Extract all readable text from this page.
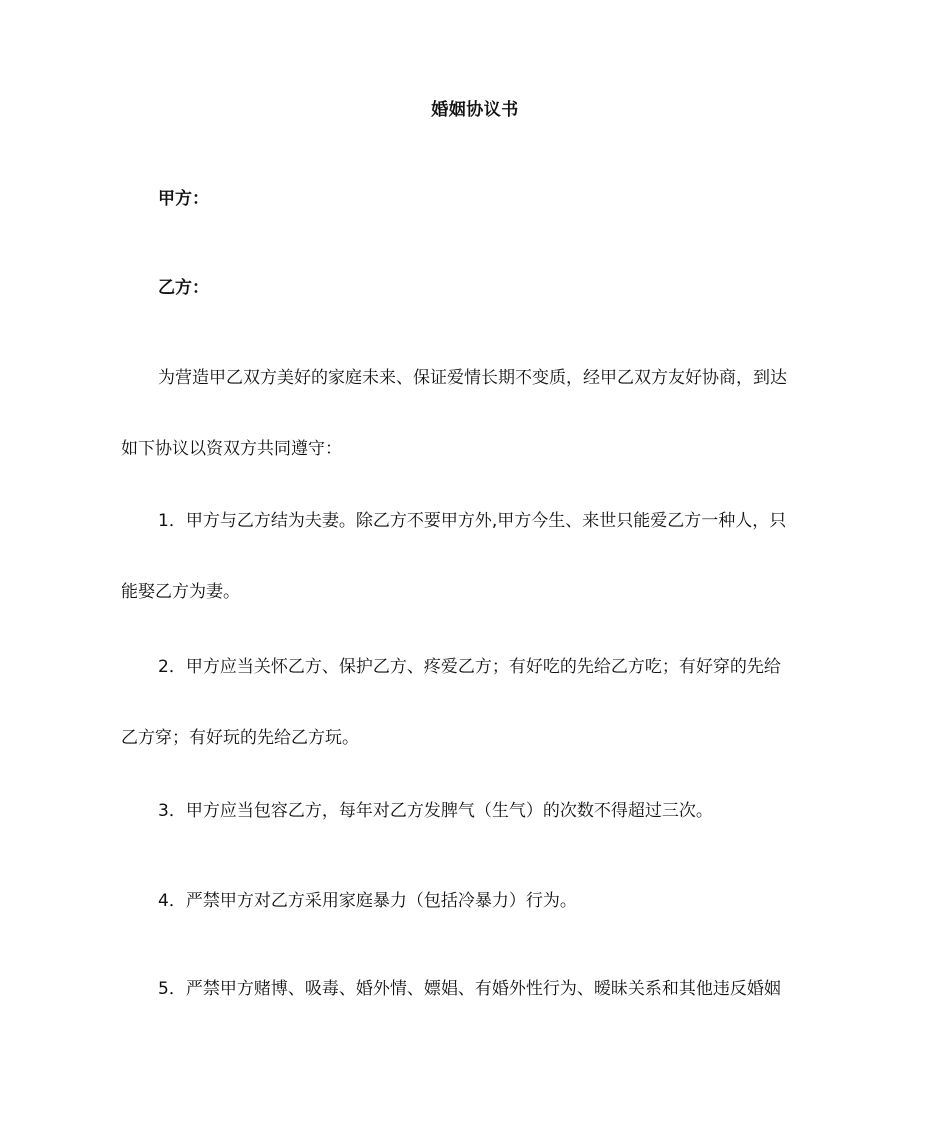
婚姻协议书
甲方：
乙方：
为营造甲乙双方美好的家庭未来、保证爱情长期不变质，经甲乙双方友好协商，到达
如下协议以资双方共同遵守：
1．甲方与乙方结为夫妻。除乙方不要甲方外,甲方今生、来世只能爱乙方一种人，只
能娶乙方为妻。
2．甲方应当关怀乙方、保护乙方、疼爱乙方；有好吃的先给乙方吃；有好穿的先给
乙方穿；有好玩的先给乙方玩。
3．甲方应当包容乙方，每年对乙方发脾气（生气）的次数不得超过三次。
4．严禁甲方对乙方采用家庭暴力（包括冷暴力）行为。
5．严禁甲方赌博、吸毒、婚外情、嫖娼、有婚外性行为、暧昧关系和其他违反婚姻
